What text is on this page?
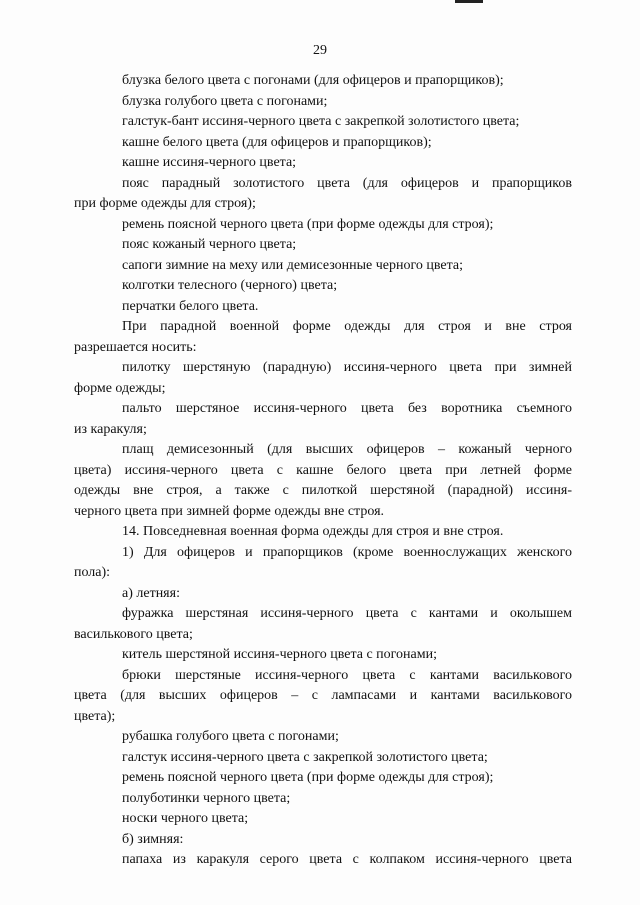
29
блузка белого цвета с погонами (для офицеров и прапорщиков);
блузка голубого цвета с погонами;
галстук-бант иссиня-черного цвета с закрепкой золотистого цвета;
кашне белого цвета (для офицеров и прапорщиков);
кашне иссиня-черного цвета;
пояс парадный золотистого цвета (для офицеров и прапорщиков
при форме одежды для строя);
ремень поясной черного цвета (при форме одежды для строя);
пояс кожаный черного цвета;
сапоги зимние на меху или демисезонные черного цвета;
колготки телесного (черного) цвета;
перчатки белого цвета.
При парадной военной форме одежды для строя и вне строя
разрешается носить:
пилотку шерстяную (парадную) иссиня-черного цвета при зимней
форме одежды;
пальто шерстяное иссиня-черного цвета без воротника съемного
из каракуля;
плащ демисезонный (для высших офицеров – кожаный черного
цвета) иссиня-черного цвета с кашне белого цвета при летней форме
одежды вне строя, а также с пилоткой шерстяной (парадной) иссиня-
черного цвета при зимней форме одежды вне строя.
14. Повседневная военная форма одежды для строя и вне строя.
1) Для офицеров и прапорщиков (кроме военнослужащих женского
пола):
а) летняя:
фуражка шерстяная иссиня-черного цвета с кантами и околышем
василькового цвета;
китель шерстяной иссиня-черного цвета с погонами;
брюки шерстяные иссиня-черного цвета с кантами василькового
цвета (для высших офицеров – с лампасами и кантами василькового
цвета);
рубашка голубого цвета с погонами;
галстук иссиня-черного цвета с закрепкой золотистого цвета;
ремень поясной черного цвета (при форме одежды для строя);
полуботинки черного цвета;
носки черного цвета;
б) зимняя:
папаха из каракуля серого цвета с колпаком иссиня-черного цвета
